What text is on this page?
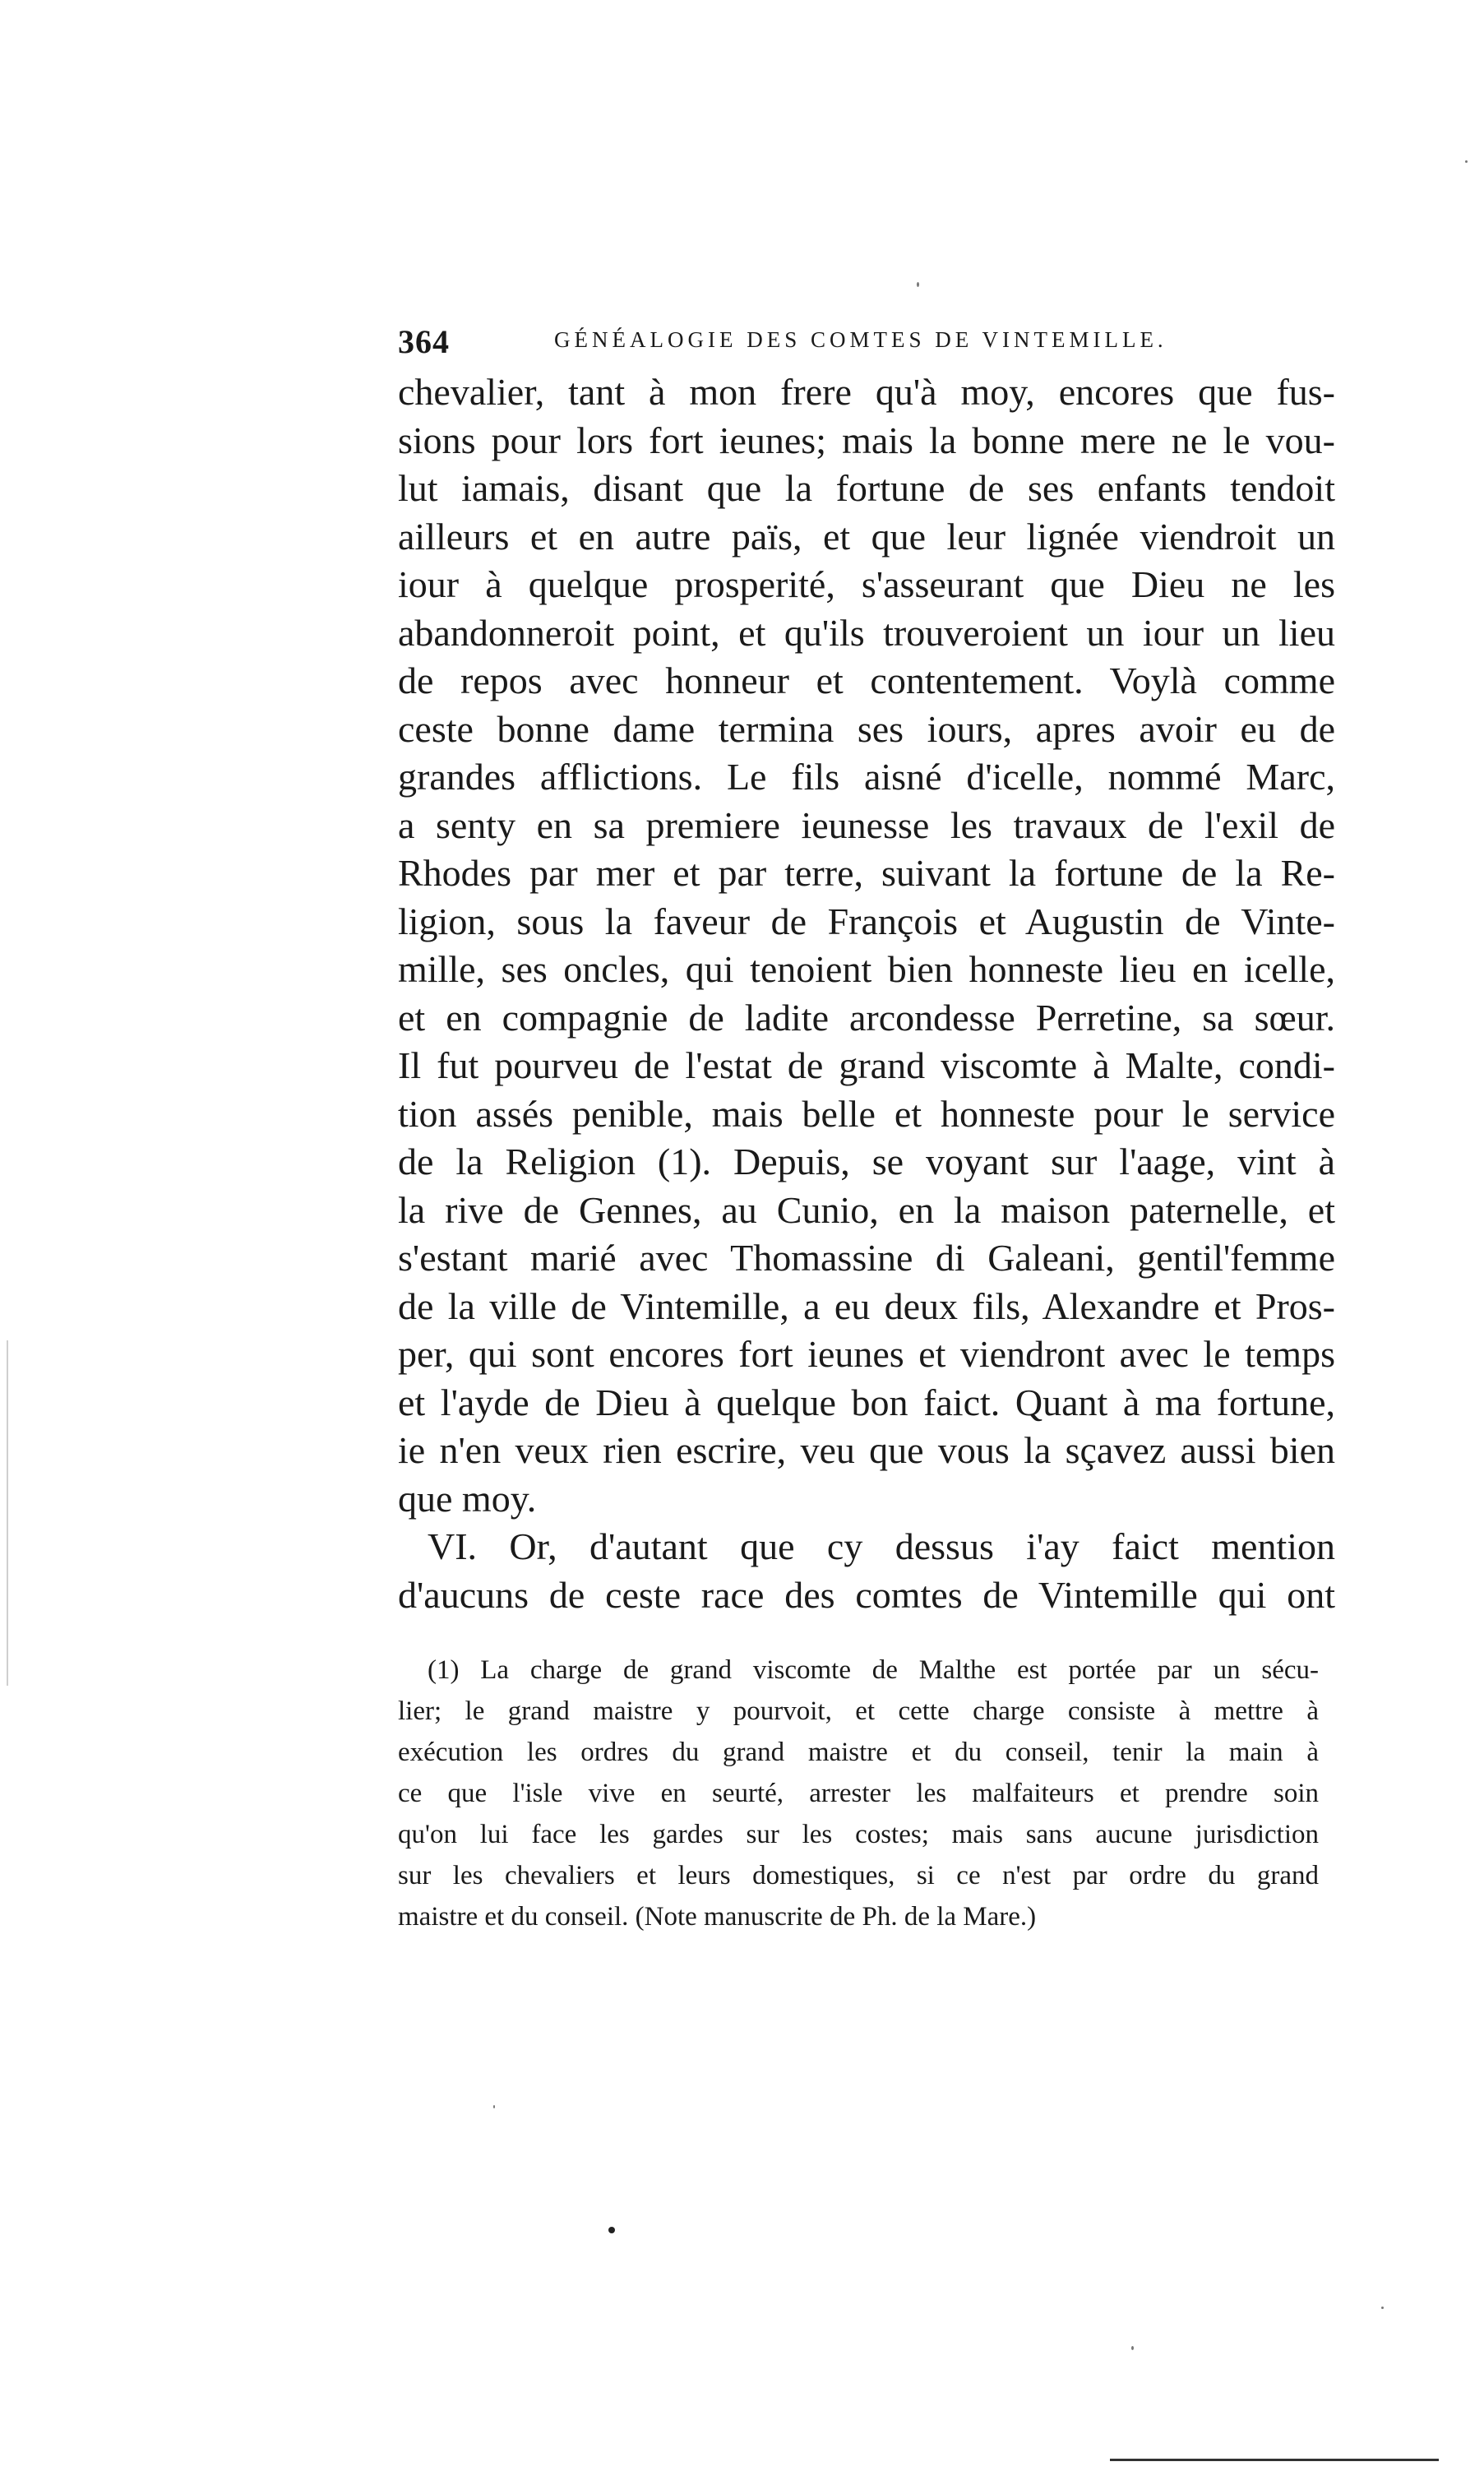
364	GÉNÉALOGIE DES COMTES DE VINTEMILLE.
chevalier, tant à mon frere qu'à moy, encores que fus-
sions pour lors fort ieunes; mais la bonne mere ne le vou-
lut iamais, disant que la fortune de ses enfants tendoit
ailleurs et en autre païs, et que leur lignée viendroit un
iour à quelque prosperité, s'asseurant que Dieu ne les
abandonneroit point, et qu'ils trouveroient un iour un lieu
de repos avec honneur et contentement. Voylà comme
ceste bonne dame termina ses iours, apres avoir eu de
grandes afflictions. Le fils aisné d'icelle, nommé Marc,
a senty en sa premiere ieunesse les travaux de l'exil de
Rhodes par mer et par terre, suivant la fortune de la Re-
ligion, sous la faveur de François et Augustin de Vinte-
mille, ses oncles, qui tenoient bien honneste lieu en icelle,
et en compagnie de ladite arcondesse Perretine, sa sœur.
Il fut pourveu de l'estat de grand viscomte à Malte, condi-
tion assés penible, mais belle et honneste pour le service
de la Religion (1). Depuis, se voyant sur l'aage, vint à
la rive de Gennes, au Cunio, en la maison paternelle, et
s'estant marié avec Thomassine di Galeani, gentil'femme
de la ville de Vintemille, a eu deux fils, Alexandre et Pros-
per, qui sont encores fort ieunes et viendront avec le temps
et l'ayde de Dieu à quelque bon faict. Quant à ma fortune,
ie n'en veux rien escrire, veu que vous la sçavez aussi bien
que moy.
VI. Or, d'autant que cy dessus i'ay faict mention
d'aucuns de ceste race des comtes de Vintemille qui ont
(1) La charge de grand viscomte de Malthe est portée par un sécu-
lier; le grand maistre y pourvoit, et cette charge consiste à mettre à
exécution les ordres du grand maistre et du conseil, tenir la main à
ce que l'isle vive en seurté, arrester les malfaiteurs et prendre soin
qu'on lui face les gardes sur les costes; mais sans aucune jurisdiction
sur les chevaliers et leurs domestiques, si ce n'est par ordre du grand
maistre et du conseil. (Note manuscrite de Ph. de la Mare.)
